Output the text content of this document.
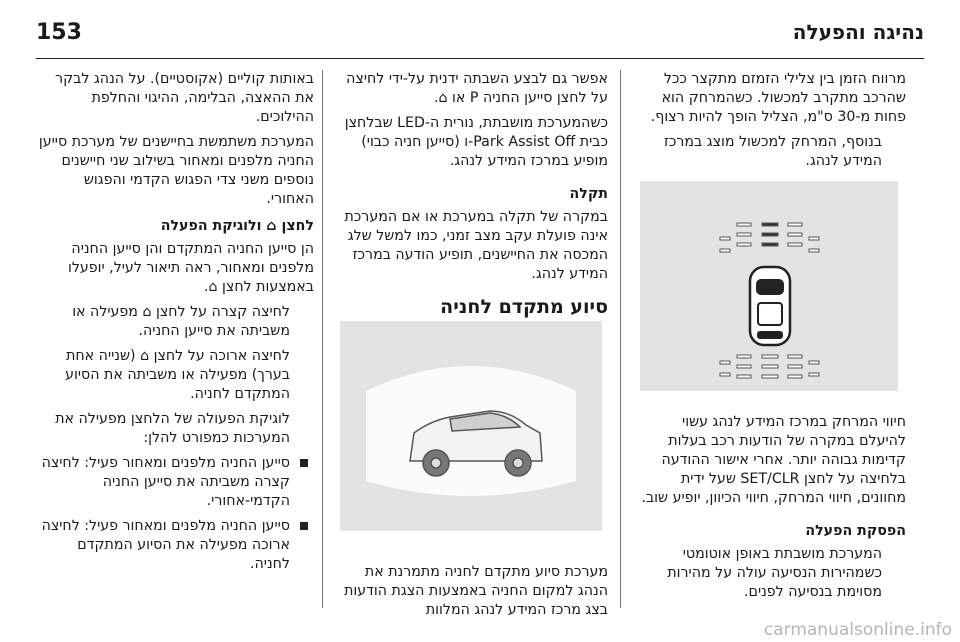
153	נהיגה והפעלה

מרווח הזמן בין צלילי הזמזם מתקצר ככל שהרכב מתקרב למכשול. כשהמרחק הוא פחות מ-30 ס"מ, הצליל הופך להיות רצוף.

בנוסף, המרחק למכשול מוצג במרכז המידע לנהג.

חיווי המרחק במרכז המידע לנהג עשוי להיעלם במקרה של הודעות רכב בעלות קדימות גבוהה יותר. אחרי אישור ההודעה בלחיצה על לחצן SET/CLR שעל ידית מחוונים, חיווי המרחק, חיווי הכיוון, יופיע שוב.

הפסקת הפעלה

המערכת מושבתת באופן אוטומטי כשמהירות הנסיעה עולה על מהירות מסוימת בנסיעה לפנים.

אפשר גם לבצע השבתה ידנית על-ידי לחיצה על לחצן סייען החניה P או ⌂.

כשהמערכת מושבתת, נורית ה-LED שבלחצן כבית Park Assist Off-ו (סייען חניה כבוי) מופיע במרכז המידע לנהג.

תקלה

במקרה של תקלה במערכת או אם המערכת אינה פועלת עקב מצב זמני, כמו למשל שלג המכסה את החיישנים, תופיע הודעה במרכז המידע לנהג.

סיוע מתקדם לחניה

מערכת סיוע מתקדם לחניה מתמרנת את הנהג למקום החניה באמצעות הצגת הודעות בצג מרכז המידע לנהג המלוות

באותות קוליים (אקוסטיים). על הנהג לבקר את ההאצה, הבלימה, ההיגוי והחלפת ההילוכים.

המערכת משתמשת בחיישנים של מערכת סייען החניה מלפנים ומאחור בשילוב שני חיישנים נוספים משני צדי הפגוש הקדמי והפגוש האחורי.

לחצן ⌂ ולוגיקת הפעלה

הן סייען החניה המתקדם והן סייען החניה מלפנים ומאחור, ראה תיאור לעיל, יופעלו באמצעות לחצן ⌂.

לחיצה קצרה על לחצן ⌂ מפעילה או משביתה את סייען החניה.

לחיצה ארוכה על לחצן ⌂ (שנייה אחת בערך) מפעילה או משביתה את הסיוע המתקדם לחניה.

לוגיקת הפעולה של הלחצן מפעילה את המערכות כמפורט להלן:

סייען החניה מלפנים ומאחור פעיל: לחיצה קצרה משביתה את סייען החניה הקדמי-אחורי.
סייען החניה מלפנים ומאחור פעיל: לחיצה ארוכה מפעילה את הסיוע המתקדם לחניה.
carmanualsonline.info
